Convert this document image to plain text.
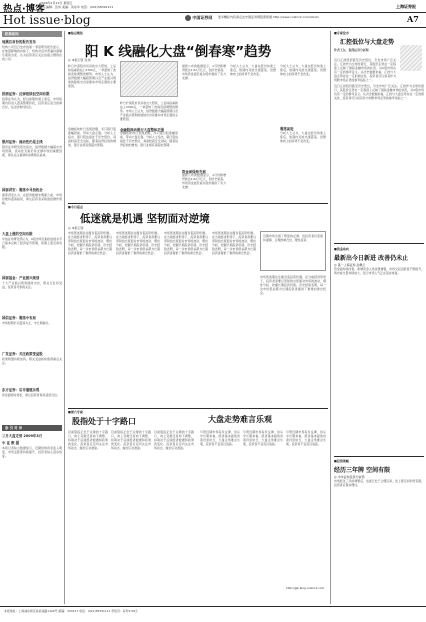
热点·博客
2009年2月13日 星期五
责任编辑：张伟 美编：何东华 电话：(021)58391111	上海证券报
Hot issue·blog	中国证券网 更多精彩内容请点击中国证券网股票频道 http://www.cnstock.com/stock/	A7
机构动向
地震后首份的报告发布
机构公司近日发布的第一季度研究报告显示，在地震影响的持续下，机构对后市普遍持谨慎乐观的态度，认为投资者应关注估值合理的优质公司。
招商证券：反弹延续但空间有限
招商证券认为，经过前期快速上涨后，市场短期内将进入震荡整理阶段，投资者应适当控制仓位，关注结构性机会。
银河证券：流动性仍是主线
银河证券研究报告指出，信贷数据大幅超出市场预期，流动性充裕仍是支撑市场的重要因素，建议关注基建和消费相关板块。
国泰君安：震荡中寻找机会
国泰君安认为，在经济数据未明朗之前，市场将维持震荡格局，建议投资者采取波段操作策略。
大盘上涨的空间有限
中信证券研究部认为，A股市场目前的估值水平已基本反映了经济复苏预期，短期上涨空间有限。
国泰基金：产业振兴规划
十大产业振兴规划陆续出台，相关行业将受益，投资者可积极关注。
国信证券：震荡中布局
市场短期仍以震荡为主，中长期看好。
广发证券：关注政策受益股
政策刺激持续加码，相关受益板块值得重点关注。
东方证券：后市谨慎乐观
资金面相对宽松，建议投资者保持适度仓位。
参 引 对 冲
三月大盘走势 2009年3月
中 证 数 据
本报记者综合数据显示，近期机构资金流入明显，市场活跃度持续提升，投资者信心逐步恢复。
■热点聚焦
阳 K 线融化大盘“倒春寒”趋势
◎ 本报记者 张伟
昨日沪深股市双双收出大阳线，上证综指重新站上2300点，一举扭转了此前连续调整的颓势。市场人士认为，信贷数据大幅超预期以及产业振兴规划的陆续出台是推动市场走强的主要原因。
昨日沪深股市双双收出大阳线，上证综指重新站上2300点，一举扭转了此前连续调整的颓势。市场人士认为，信贷数据大幅超预期以及产业振兴规划的陆续出台是推动市场走强的主要原因。
金融股推动银行大盘整体走强
金融板块昨日表现抢眼，多只银行股涨幅居前，带动大盘走强。分析人士指出，银行股估值处于历史低位，具备较高安全边际，随着信贷投放的增加，银行业绩有望超出预期。
金融板块昨日表现抢眼，多只银行股涨幅居前，带动大盘走强。分析人士指出，银行股估值处于历史低位，具备较高安全边际，随着信贷投放的增加，银行业绩有望超出预期。
最新公布的数据显示，1月份新增贷款达1.62万亿元，创历史新高。市场资金面充裕为股市提供了有力支撑。
资金面保持充裕
最新公布的数据显示，1月份新增贷款达1.62万亿元，创历史新高。市场资金面充裕为股市提供了有力支撑。
分析人士认为，大盘在经历快速上涨后，短期内可能出现震荡，但整体向上的趋势不会改变。
震荡前进
分析人士认为，大盘在经历快速上涨后，短期内可能出现震荡，但整体向上的趋势不会改变。
分析人士认为，大盘在经历快速上涨后，短期内可能出现震荡，但整体向上的趋势不会改变。
■今日看点
低迷就是机遇 坚韧面对逆境
◎ 本报记者
市场低迷期往往蕴含着投资机遇。在当前经济形势下，投资者需要以坚韧的态度面对市场的波动，理性分析，把握长期投资价值。历史经验表明，每一次市场低谷都为长期投资者提供了难得的建仓机会。
市场低迷期往往蕴含着投资机遇。在当前经济形势下，投资者需要以坚韧的态度面对市场的波动，理性分析，把握长期投资价值。历史经验表明，每一次市场低谷都为长期投资者提供了难得的建仓机会。
市场低迷期往往蕴含着投资机遇。在当前经济形势下，投资者需要以坚韧的态度面对市场的波动，理性分析，把握长期投资价值。历史经验表明，每一次市场低谷都为长期投资者提供了难得的建仓机会。
市场低迷期往往蕴含着投资机遇。在当前经济形势下，投资者需要以坚韧的态度面对市场的波动，理性分析，把握长期投资价值。历史经验表明，每一次市场低谷都为长期投资者提供了难得的建仓机会。
近期市场出现了明显的反弹，但投资者仍需保持谨慎，合理控制仓位，理性投资。
市场低迷期往往蕴含着投资机遇。在当前经济形势下，投资者需要以坚韧的态度面对市场的波动，理性分析，把握长期投资价值。历史经验表明，每一次市场低谷都为长期投资者提供了难得的建仓机会。
■周六专家
股指处于十字路口
目前股指正处于关键的十字路口，向上突破还是向下调整，将取决于后续经济数据和政策的变化。投资者应密切关注市场动态，做好应对准备。
目前股指正处于关键的十字路口，向上突破还是向下调整，将取决于后续经济数据和政策的变化。投资者应密切关注市场动态，做好应对准备。
目前股指正处于关键的十字路口，向上突破还是向下调整，将取决于后续经济数据和政策的变化。投资者应密切关注市场动态，做好应对准备。
大盘走势难言乐观
尽管近期市场有所反弹，但从中长期来看，经济基本面的改善仍需时日，大盘走势难言乐观，投资者不宜盲目追高。
尽管近期市场有所反弹，但从中长期来看，经济基本面的改善仍需时日，大盘走势难言乐观，投资者不宜盲目追高。
尽管近期市场有所反弹，但从中长期来看，经济基本面的改善仍需时日，大盘走势难言乐观，投资者不宜盲目追高。
http://gjb.blog.cnstock.com
■专家论市
汇控低位与大盘走势
作者王东，资深证券分析师
近日汇控股价跌至历史低位，引发市场广泛关注。汇控作为全球性银行，其股价走势在一定程度上反映了国际金融市场的状况，对A股市场也有一定的参考意义。从历史数据来看，汇控与大盘走势存在一定的相关性，投资者可以将其作为判断市场走势的参考指标之一。
近日汇控股价跌至历史低位，引发市场广泛关注。汇控作为全球性银行，其股价走势在一定程度上反映了国际金融市场的状况，对A股市场也有一定的参考意义。从历史数据来看，汇控与大盘走势存在一定的相关性，投资者可以将其作为判断市场走势的参考指标之一。
■资金动向
最新出今日新进 改善仍未止
◎ 第一上海证券 孙佩兰
资金面持续改善，新增资金入场意愿增强，市场交投活跃度不断提升，两市成交量持续放大，显示市场人气正在逐步恢复。
■投资策略
经历三年牌 空间有限
◎ 中华证券投资分析部
市场经过三年的调整后，估值已处于合理区间，但上涨空间仍然有限，投资者应保持理性。
本报地址：上海浦东新区杨高南路1100号 邮编：200127 电话：(021)58391111 零售价：每份2.00元
